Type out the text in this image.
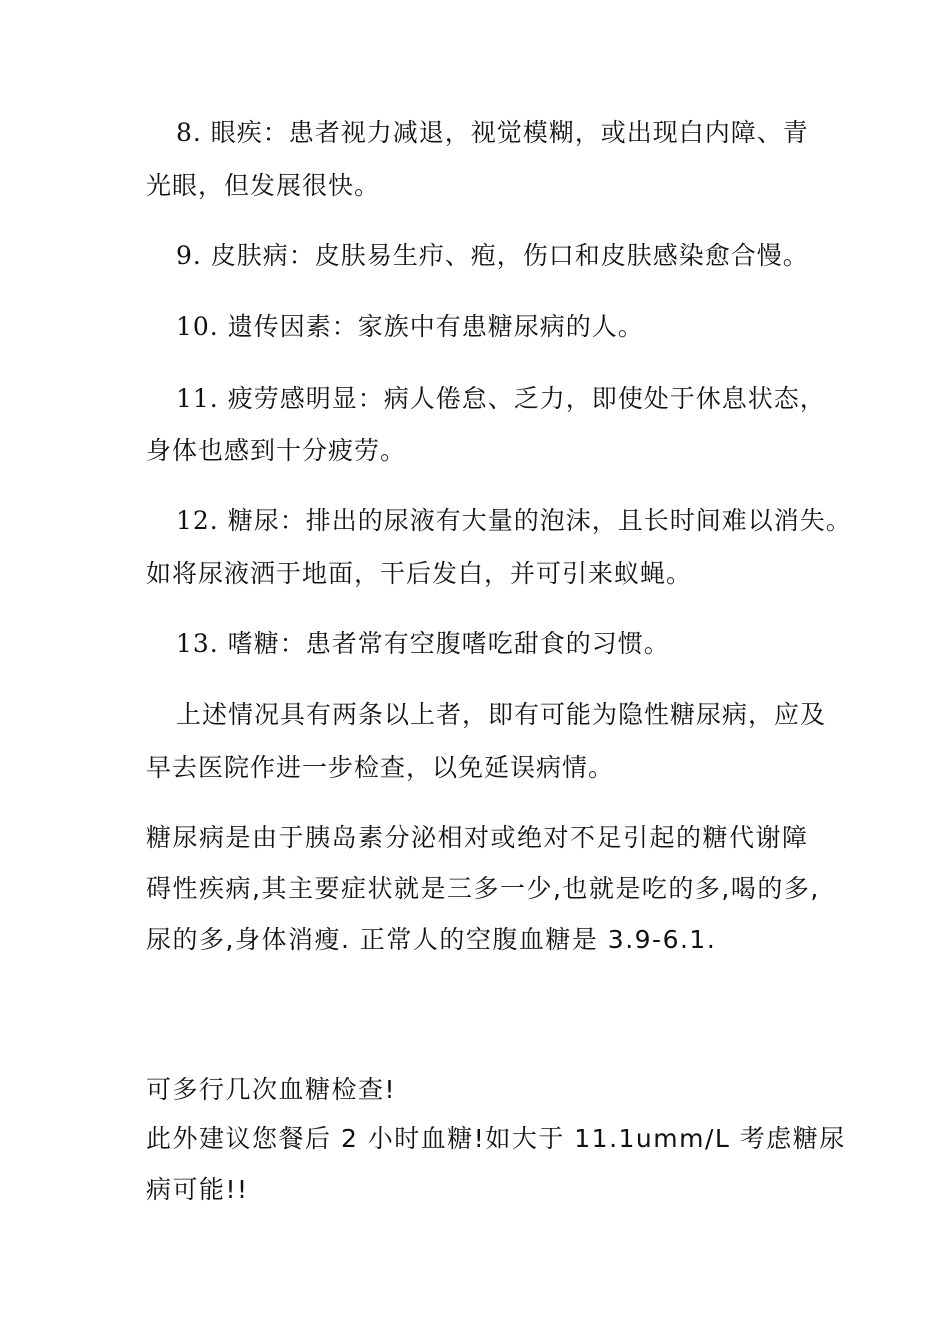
8. 眼疾：患者视力减退，视觉模糊，或出现白内障、青
光眼，但发展很快。
9. 皮肤病：皮肤易生疖、疱，伤口和皮肤感染愈合慢。
10. 遗传因素：家族中有患糖尿病的人。
11. 疲劳感明显：病人倦怠、乏力，即使处于休息状态，
身体也感到十分疲劳。
12. 糖尿：排出的尿液有大量的泡沫，且长时间难以消失。
如将尿液洒于地面，干后发白，并可引来蚁蝇。
13. 嗜糖：患者常有空腹嗜吃甜食的习惯。
上述情况具有两条以上者，即有可能为隐性糖尿病，应及
早去医院作进一步检查，以免延误病情。
糖尿病是由于胰岛素分泌相对或绝对不足引起的糖代谢障
碍性疾病,其主要症状就是三多一少,也就是吃的多,喝的多,
尿的多,身体消瘦. 正常人的空腹血糖是 3.9-6.1.
可多行几次血糖检查!
此外建议您餐后 2 小时血糖!如大于 11.1umm/L 考虑糖尿
病可能!!
